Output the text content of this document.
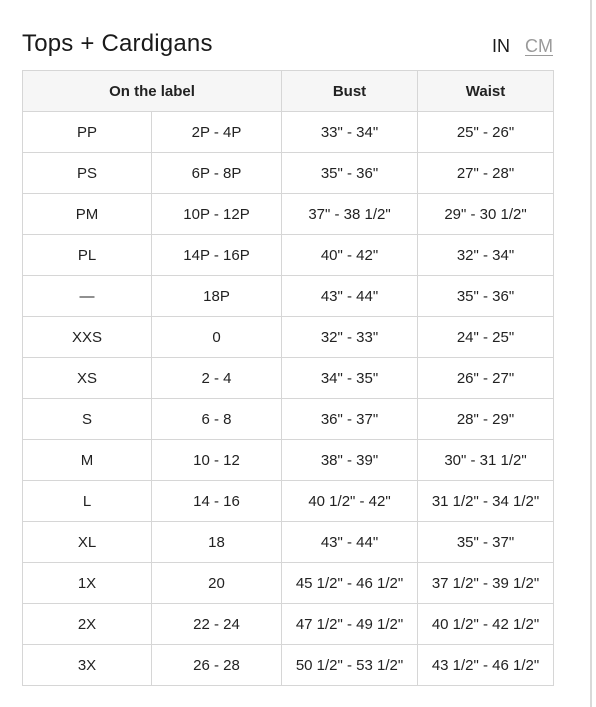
Tops + Cardigans	IN CM
On the label		Bust	Waist
PP	2P - 4P	33" - 34"	25" - 26"
PS	6P - 8P	35" - 36"	27" - 28"
PM	10P - 12P	37" - 38 1/2"	29" - 30 1/2"
PL	14P - 16P	40" - 42"	32" - 34"
—	18P	43" - 44"	35" - 36"
XXS	0	32" - 33"	24" - 25"
XS	2 - 4	34" - 35"	26" - 27"
S	6 - 8	36" - 37"	28" - 29"
M	10 - 12	38" - 39"	30" - 31 1/2"
L	14 - 16	40 1/2" - 42"	31 1/2" - 34 1/2"
XL	18	43" - 44"	35" - 37"
1X	20	45 1/2" - 46 1/2"	37 1/2" - 39 1/2"
2X	22 - 24	47 1/2" - 49 1/2"	40 1/2" - 42 1/2"
3X	26 - 28	50 1/2" - 53 1/2"	43 1/2" - 46 1/2"
